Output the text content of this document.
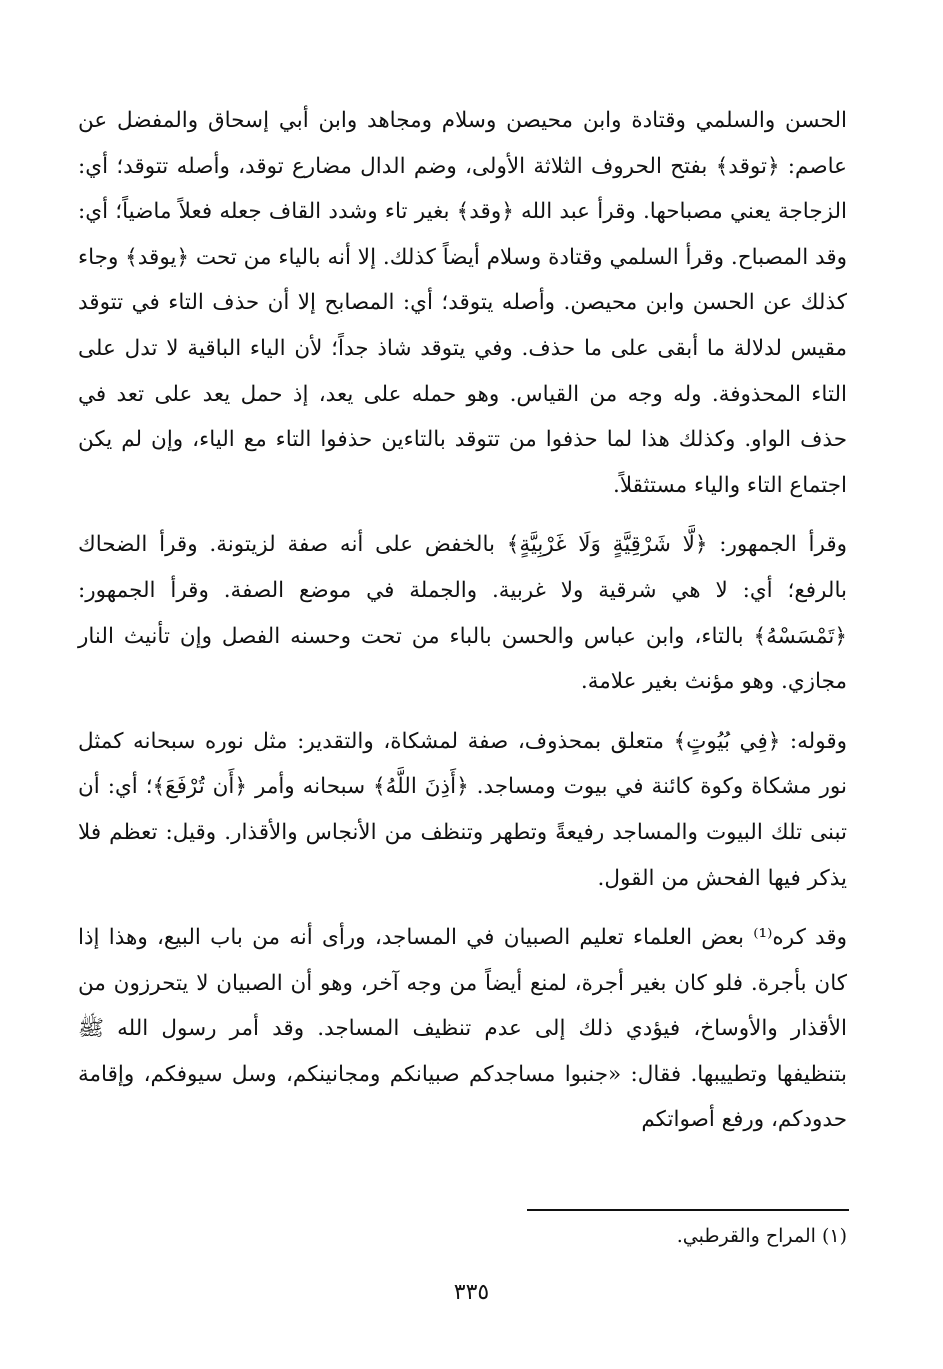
الحسن والسلمي وقتادة وابن محيصن وسلام ومجاهد وابن أبي إسحاق والمفضل عن عاصم: ﴿توقد﴾ بفتح الحروف الثلاثة الأولى، وضم الدال مضارع توقد، وأصله تتوقد؛ أي: الزجاجة يعني مصباحها. وقرأ عبد الله ﴿وقد﴾ بغير تاء وشدد القاف جعله فعلاً ماضياً؛ أي: وقد المصباح. وقرأ السلمي وقتادة وسلام أيضاً كذلك. إلا أنه بالياء من تحت ﴿يوقد﴾ وجاء كذلك عن الحسن وابن محيصن. وأصله يتوقد؛ أي: المصابح إلا أن حذف التاء في تتوقد مقيس لدلالة ما أبقى على ما حذف. وفي يتوقد شاذ جداً؛ لأن الياء الباقية لا تدل على التاء المحذوفة. وله وجه من القياس. وهو حمله على يعد، إذ حمل يعد على تعد في حذف الواو. وكذلك هذا لما حذفوا من تتوقد بالتاءين حذفوا التاء مع الياء، وإن لم يكن اجتماع التاء والياء مستثقلاً.

وقرأ الجمهور: ﴿لَّا شَرْقِيَّةٍ وَلَا غَرْبِيَّةٍ﴾ بالخفض على أنه صفة لزيتونة. وقرأ الضحاك بالرفع؛ أي: لا هي شرقية ولا غربية. والجملة في موضع الصفة. وقرأ الجمهور: ﴿تَمْسَسْهُ﴾ بالتاء، وابن عباس والحسن بالباء من تحت وحسنه الفصل وإن تأنيث النار مجازي. وهو مؤنث بغير علامة.

وقوله: ﴿فِي بُيُوتٍ﴾ متعلق بمحذوف، صفة لمشكاة، والتقدير: مثل نوره سبحانه كمثل نور مشكاة وكوة كائنة في بيوت ومساجد. ﴿أَذِنَ اللَّهُ﴾ سبحانه وأمر ﴿أَن تُرْفَعَ﴾؛ أي: أن تبنى تلك البيوت والمساجد رفيعةً وتطهر وتنظف من الأنجاس والأقذار. وقيل: تعظم فلا يذكر فيها الفحش من القول.

وقد كره⁽¹⁾ بعض العلماء تعليم الصبيان في المساجد، ورأى أنه من باب البيع، وهذا إذا كان بأجرة. فلو كان بغير أجرة، لمنع أيضاً من وجه آخر، وهو أن الصبيان لا يتحرزون من الأقذار والأوساخ، فيؤدي ذلك إلى عدم تنظيف المساجد. وقد أمر رسول الله ﷺ بتنظيفها وتطييبها. فقال: «جنبوا مساجدكم صبيانكم ومجانينكم، وسل سيوفكم، وإقامة حدودكم، ورفع أصواتكم

(١) المراح والقرطبي.
٣٣٥
